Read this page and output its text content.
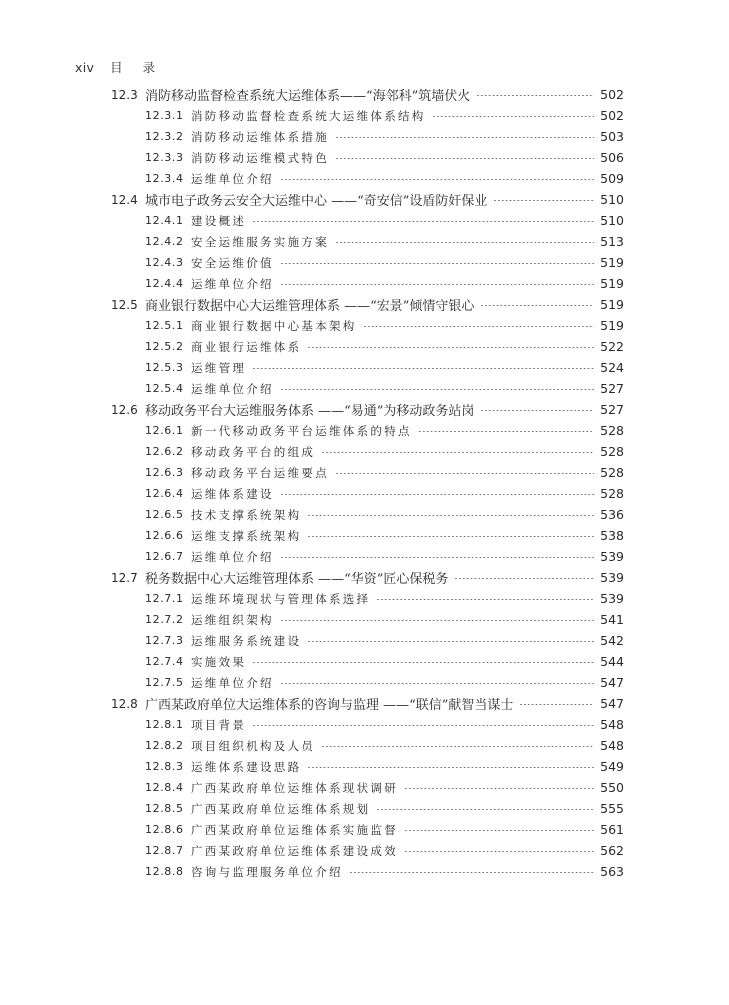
xiv 目 录
12.3 消防移动监督检查系统大运维体系——“海邻科”筑墙伏火	502
12.3.1 消防移动监督检查系统大运维体系结构	502
12.3.2 消防移动运维体系措施	503
12.3.3 消防移动运维模式特色	506
12.3.4 运维单位介绍	509
12.4 城市电子政务云安全大运维中心 ——“奇安信”设盾防奸保业	510
12.4.1 建设概述	510
12.4.2 安全运维服务实施方案	513
12.4.3 安全运维价值	519
12.4.4 运维单位介绍	519
12.5 商业银行数据中心大运维管理体系 ——“宏景”倾情守银心	519
12.5.1 商业银行数据中心基本架构	519
12.5.2 商业银行运维体系	522
12.5.3 运维管理	524
12.5.4 运维单位介绍	527
12.6 移动政务平台大运维服务体系 ——“易通”为移动政务站岗	527
12.6.1 新一代移动政务平台运维体系的特点	528
12.6.2 移动政务平台的组成	528
12.6.3 移动政务平台运维要点	528
12.6.4 运维体系建设	528
12.6.5 技术支撑系统架构	536
12.6.6 运维支撑系统架构	538
12.6.7 运维单位介绍	539
12.7 税务数据中心大运维管理体系 ——“华资”匠心保税务	539
12.7.1 运维环境现状与管理体系选择	539
12.7.2 运维组织架构	541
12.7.3 运维服务系统建设	542
12.7.4 实施效果	544
12.7.5 运维单位介绍	547
12.8 广西某政府单位大运维体系的咨询与监理 ——“联信”献智当谋士	547
12.8.1 项目背景	548
12.8.2 项目组织机构及人员	548
12.8.3 运维体系建设思路	549
12.8.4 广西某政府单位运维体系现状调研	550
12.8.5 广西某政府单位运维体系规划	555
12.8.6 广西某政府单位运维体系实施监督	561
12.8.7 广西某政府单位运维体系建设成效	562
12.8.8 咨询与监理服务单位介绍	563
